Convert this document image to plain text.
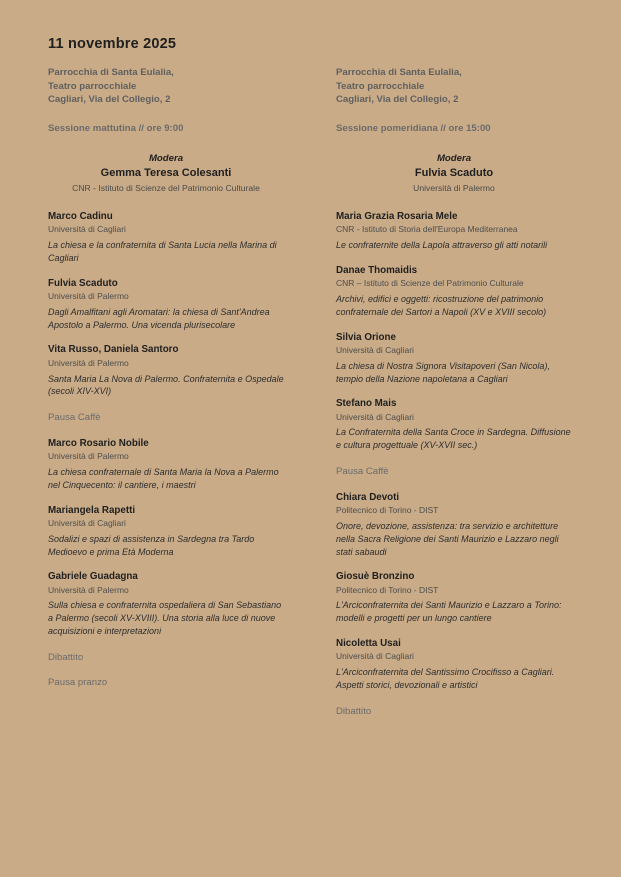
11 novembre 2025
Parrocchia di Santa Eulalia,
Teatro parrocchiale
Cagliari, Via del Collegio, 2
Sessione mattutina // ore 9:00
Modera
Gemma Teresa Colesanti
CNR - Istituto di Scienze del Patrimonio Culturale
Marco Cadinu
Università di Cagliari
La chiesa e la confraternita di Santa Lucia nella Marina di Cagliari
Fulvia Scaduto
Università di Palermo
Dagli Amalfitani agli Aromatari: la chiesa di Sant'Andrea Apostolo a Palermo. Una vicenda plurisecolare
Vita Russo, Daniela Santoro
Università di Palermo
Santa Maria La Nova di Palermo. Confraternita e Ospedale (secoli XIV-XVI)
Pausa Caffè
Marco Rosario Nobile
Università di Palermo
La chiesa confraternale di Santa Maria la Nova a Palermo nel Cinquecento: il cantiere, i maestri
Mariangela Rapetti
Università di Cagliari
Sodalizi e spazi di assistenza in Sardegna tra Tardo Medioevo e prima Età Moderna
Gabriele Guadagna
Università di Palermo
Sulla chiesa e confraternita ospedaliera di San Sebastiano a Palermo (secoli XV-XVIII). Una storia alla luce di nuove acquisizioni e interpretazioni
Dibattito
Pausa pranzo
Parrocchia di Santa Eulalia,
Teatro parrocchiale
Cagliari, Via del Collegio, 2
Sessione pomeridiana // ore 15:00
Modera
Fulvia Scaduto
Università di Palermo
Maria Grazia Rosaria Mele
CNR - Istituto di Storia dell'Europa Mediterranea
Le confraternite della Lapola attraverso gli atti notarili
Danae Thomaidis
CNR – Istituto di Scienze del Patrimonio Culturale
Archivi, edifici e oggetti: ricostruzione del patrimonio confraternale dei Sartori a Napoli (XV e XVIII secolo)
Silvia Orione
Università di Cagliari
La chiesa di Nostra Signora Visitapoveri (San Nicola), tempio della Nazione napoletana a Cagliari
Stefano Mais
Università di Cagliari
La Confraternita della Santa Croce in Sardegna. Diffusione e cultura progettuale (XV-XVII sec.)
Pausa Caffè
Chiara Devoti
Politecnico di Torino - DIST
Onore, devozione, assistenza: tra servizio e architetture nella Sacra Religione dei Santi Maurizio e Lazzaro negli stati sabaudi
Giosuè Bronzino
Politecnico di Torino - DIST
L'Arciconfraternita dei Santi Maurizio e Lazzaro a Torino: modelli e progetti per un lungo cantiere
Nicoletta Usai
Università di Cagliari
L'Arciconfraternita del Santissimo Crocifisso a Cagliari. Aspetti storici, devozionali e artistici
Dibattito
